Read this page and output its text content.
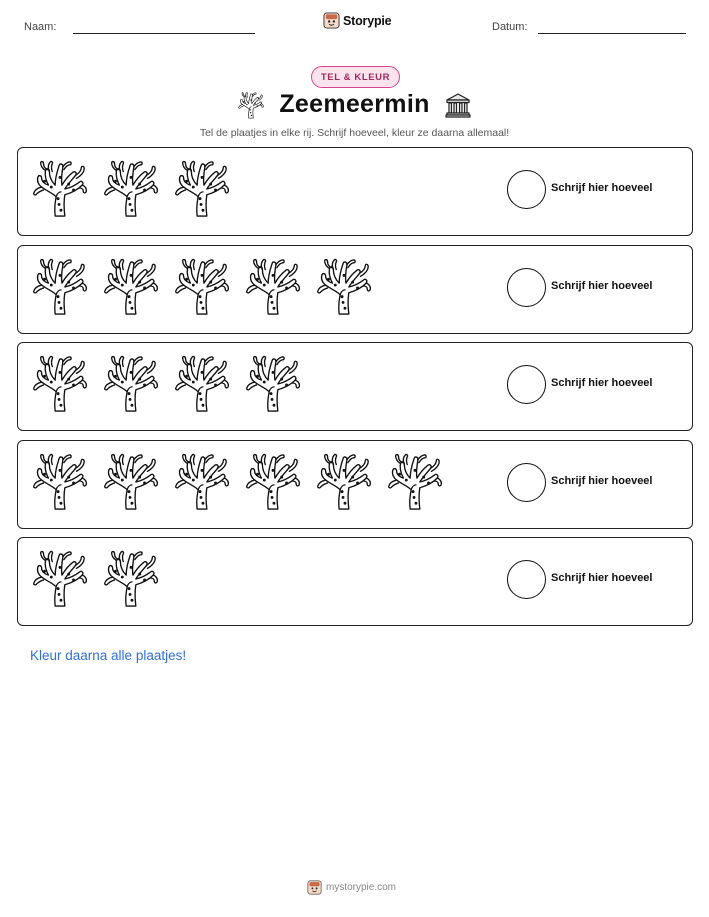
Naam:	Storypie	Datum:
TEL & KLEUR
Zeemeermin
Tel de plaatjes in elke rij. Schrijf hoeveel, kleur ze daarna allemaal!
Schrijf hier hoeveel
Schrijf hier hoeveel
Schrijf hier hoeveel
Schrijf hier hoeveel
Schrijf hier hoeveel
Kleur daarna alle plaatjes!
mystorypie.com
